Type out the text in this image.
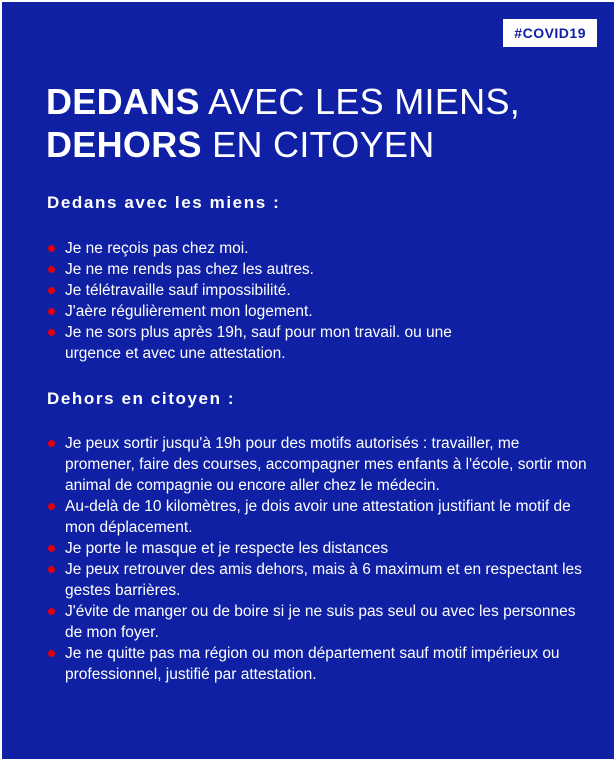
#COVID19
DEDANS AVEC LES MIENS,
DEHORS EN CITOYEN
Dedans avec les miens :
Je ne reçois pas chez moi.
Je ne me rends pas chez les autres.
Je télétravaille sauf impossibilité.
J'aère régulièrement mon logement.
Je ne sors plus après 19h, sauf pour mon travail. ou une urgence et avec une attestation.
Dehors en citoyen :
Je peux sortir jusqu'à 19h pour des motifs autorisés : travailler, me promener, faire des courses, accompagner mes enfants à l'école, sortir mon animal de compagnie ou encore aller chez le médecin.
Au-delà de 10 kilomètres, je dois avoir une attestation justifiant le motif de mon déplacement.
Je porte le masque et je respecte les distances
Je peux retrouver des amis dehors, mais à 6 maximum et en respectant les gestes barrières.
J'évite de manger ou de boire si je ne suis pas seul ou avec les personnes de mon foyer.
Je ne quitte pas ma région ou mon département sauf motif impérieux ou professionnel, justifié par attestation.
